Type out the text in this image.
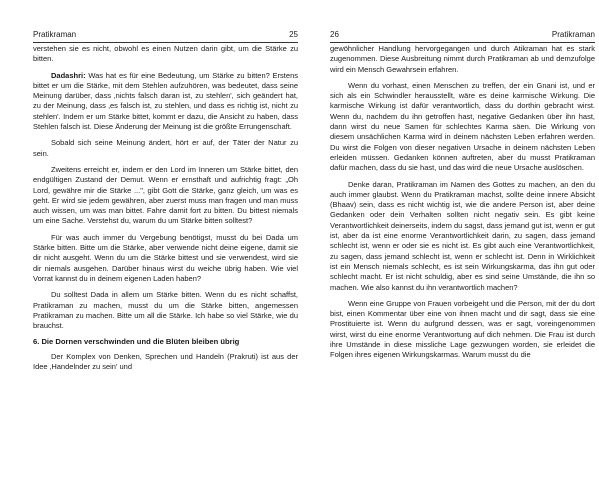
Pratikraman	25

verstehen sie es nicht, obwohl es einen Nutzen darin gibt, um die Stärke zu bitten.

Dadashri: Was hat es für eine Bedeutung, um Stärke zu bitten? Erstens bittet er um die Stärke, mit dem Stehlen aufzuhören, was bedeutet, dass seine Meinung darüber, dass ‚nichts falsch daran ist, zu stehlen', sich geändert hat, zu der Meinung, dass ‚es falsch ist, zu stehlen, und dass es richtig ist, nicht zu stehlen'. Indem er um Stärke bittet, kommt er dazu, die Ansicht zu haben, dass Stehlen falsch ist. Diese Änderung der Meinung ist die größte Errungenschaft.

Sobald sich seine Meinung ändert, hört er auf, der Täter der Natur zu sein.

Zweitens erreicht er, indem er den Lord im Inneren um Stärke bittet, den endgültigen Zustand der Demut. Wenn er ernsthaft und aufrichtig fragt: „Oh Lord, gewähre mir die Stärke ...", gibt Gott die Stärke, ganz gleich, um was es geht. Er wird sie jedem gewähren, aber zuerst muss man fragen und man muss auch wissen, um was man bittet. Fahre damit fort zu bitten. Du bittest niemals um eine Sache. Verstehst du, warum du um Stärke bitten solltest?

Für was auch immer du Vergebung benötigst, musst du bei Dada um Stärke bitten. Bitte um die Stärke, aber verwende nicht deine eigene, damit sie dir nicht ausgeht. Wenn du um die Stärke bittest und sie verwendest, wird sie dir niemals ausgehen. Darüber hinaus wirst du weiche übrig haben. Wie viel Vorrat kannst du in deinem eigenen Laden haben?

Du solltest Dada in allem um Stärke bitten. Wenn du es nicht schaffst, Pratikraman zu machen, musst du um die Stärke bitten, angemessen Pratikraman zu machen. Bitte um all die Stärke. Ich habe so viel Stärke, wie du brauchst.

6. Die Dornen verschwinden und die Blüten bleiben übrig

Der Komplex von Denken, Sprechen und Handeln (Prakruti) ist aus der Idee ‚Handelnder zu sein' und

26	Pratikraman

gewöhnlicher Handlung hervorgegangen und durch Atikraman hat es stark zugenommen. Diese Ausbreitung nimmt durch Pratikraman ab und demzufolge wird ein Mensch Gewahrsein erfahren.

Wenn du vorhast, einen Menschen zu treffen, der ein Gnani ist, und er sich als ein Schwindler herausstellt, wäre es deine karmische Wirkung. Die karmische Wirkung ist dafür verantwortlich, dass du dorthin gebracht wirst. Wenn du, nachdem du ihn getroffen hast, negative Gedanken über ihn hast, dann wirst du neue Samen für schlechtes Karma säen. Die Wirkung von diesem unsächlichen Karma wird in deinem nächsten Leben erfahren werden. Du wirst die Folgen von dieser negativen Ursache in deinem nächsten Leben erleiden müssen. Gedanken können auftreten, aber du musst Pratikraman dafür machen, dass du sie hast, und das wird die neue Ursache auslöschen.

Denke daran, Pratikraman im Namen des Gottes zu machen, an den du auch immer glaubst. Wenn du Pratikraman machst, sollte deine innere Absicht (Bhaav) sein, dass es nicht wichtig ist, wie die andere Person ist, aber deine Gedanken oder dein Verhalten sollten nicht negativ sein. Es gibt keine Verantwortlichkeit deinerseits, indem du sagst, dass jemand gut ist, wenn er gut ist, aber da ist eine enorme Verantwortlichkeit darin, zu sagen, dass jemand schlecht ist, wenn er oder sie es nicht ist. Es gibt auch eine Verantwortlichkeit, zu sagen, dass jemand schlecht ist, wenn er schlecht ist. Denn in Wirklichkeit ist ein Mensch niemals schlecht, es ist sein Wirkungskarma, das ihn gut oder schlecht macht. Er ist nicht schuldig, aber es sind seine Umstände, die ihn so machen. Wie also kannst du ihn verantwortlich machen?

Wenn eine Gruppe von Frauen vorbeigeht und die Person, mit der du dort bist, einen Kommentar über eine von ihnen macht und dir sagt, dass sie eine Prostituierte ist. Wenn du aufgrund dessen, was er sagt, voreingenommen wirst, wirst du eine enorme Verantwortung auf dich nehmen. Die Frau ist durch ihre Umstände in diese missliche Lage gezwungen worden, sie erleidet die Folgen ihres eigenen Wirkungskarmas. Warum musst du die
